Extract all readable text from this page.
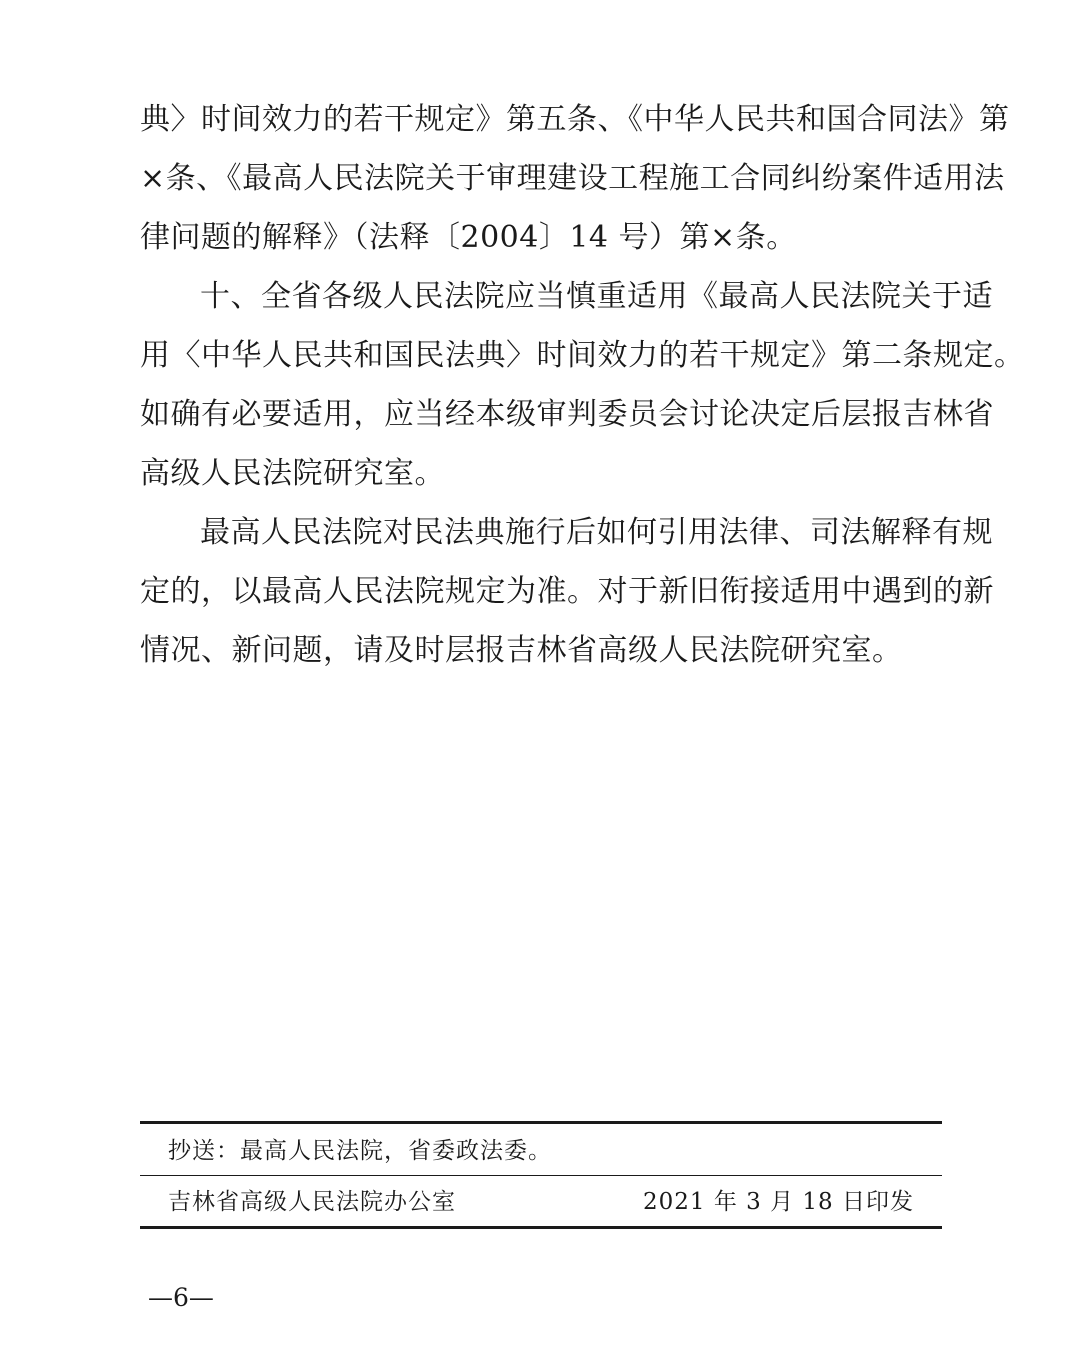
典〉时间效力的若干规定》第五条、《中华人民共和国合同法》第
×条、《最高人民法院关于审理建设工程施工合同纠纷案件适用法
律问题的解释》（法释〔2004〕14 号）第×条。
十、全省各级人民法院应当慎重适用《最高人民法院关于适
用〈中华人民共和国民法典〉时间效力的若干规定》第二条规定。
如确有必要适用，应当经本级审判委员会讨论决定后层报吉林省
高级人民法院研究室。
最高人民法院对民法典施行后如何引用法律、司法解释有规
定的，以最高人民法院规定为准。对于新旧衔接适用中遇到的新
情况、新问题，请及时层报吉林省高级人民法院研究室。
抄送：最高人民法院，省委政法委。
吉林省高级人民法院办公室	2021 年 3 月 18 日印发
—6—
